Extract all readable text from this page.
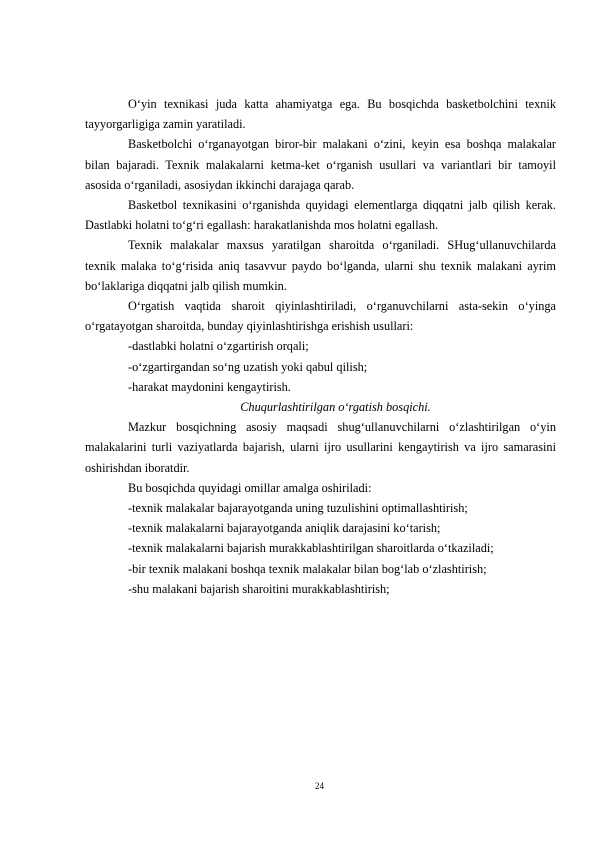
O‘yin texnikasi juda katta ahamiyatga ega. Bu bosqichda basketbolchini texnik tayyorgarligiga zamin yaratiladi.

Basketbolchi o‘rganayotgan biror-bir malakani o‘zini, keyin esa boshqa malakalar bilan bajaradi. Texnik malakalarni ketma-ket o‘rganish usullari va variantlari bir tamoyil asosida o‘rganiladi, asosiydan ikkinchi darajaga qarab.

Basketbol texnikasini o‘rganishda quyidagi elementlarga diqqatni jalb qilish kerak. Dastlabki holatni to‘g‘ri egallash: harakatlanishda mos holatni egallash.

Texnik malakalar maxsus yaratilgan sharoitda o‘rganiladi. SHug‘ullanuvchilarda texnik malaka to‘g‘risida aniq tasavvur paydo bo‘lganda, ularni shu texnik malakani ayrim bo‘laklariga diqqatni jalb qilish mumkin.

O‘rgatish vaqtida sharoit qiyinlashtiriladi, o‘rganuvchilarni asta-sekin o‘yinga o‘rgatayotgan sharoitda, bunday qiyinlashtirishga erishish usullari:

-dastlabki holatni o‘zgartirish orqali;

-o‘zgartirgandan so‘ng uzatish yoki qabul qilish;

-harakat maydonini kengaytirish.

Chuqurlashtirilgan o‘rgatish bosqichi.

Mazkur bosqichning asosiy maqsadi shug‘ullanuvchilarni o‘zlashtirilgan o‘yin malakalarini turli vaziyatlarda bajarish, ularni ijro usullarini kengaytirish va ijro samarasini oshirishdan iboratdir.

Bu bosqichda quyidagi omillar amalga oshiriladi:

-texnik malakalar bajarayotganda uning tuzulishini optimallashtirish;

-texnik malakalarni bajarayotganda aniqlik darajasini ko‘tarish;

-texnik malakalarni bajarish murakkablashtirilgan sharoitlarda o‘tkaziladi;

-bir texnik malakani boshqa texnik malakalar bilan bog‘lab o‘zlashtirish;

-shu malakani bajarish sharoitini murakkablashtirish;

24
